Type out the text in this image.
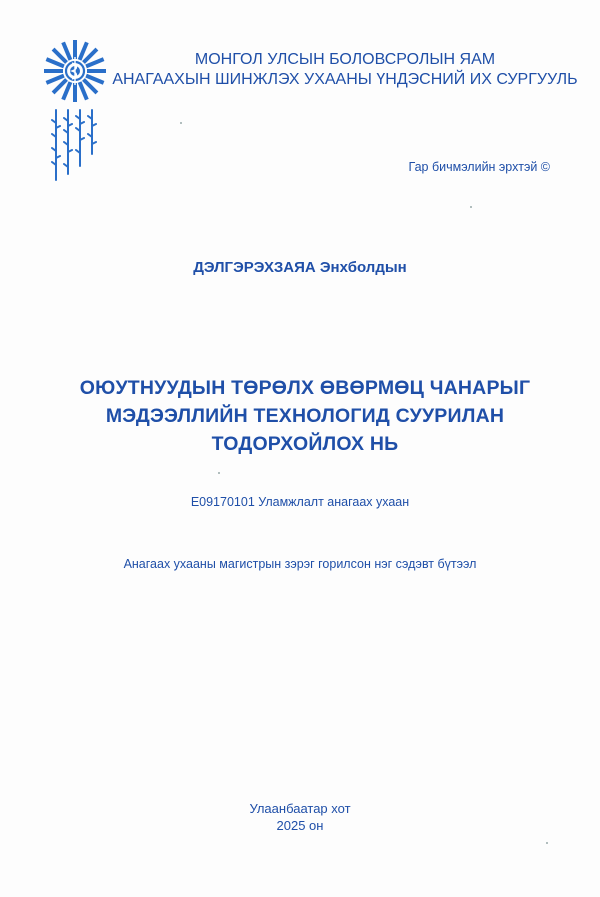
МОНГОЛ УЛСЫН БОЛОВСРОЛЫН ЯАМ
АНАГААХЫН ШИНЖЛЭХ УХААНЫ ҮНДЭСНИЙ ИХ СУРГУУЛЬ
Гар бичмэлийн эрхтэй ©
ДЭЛГЭРЭХЗАЯА Энхболдын
ОЮУТНУУДЫН ТӨРӨЛХ ӨВӨРМӨЦ ЧАНАРЫГ
МЭДЭЭЛЛИЙН ТЕХНОЛОГИД СУУРИЛАН
ТОДОРХОЙЛОХ НЬ
E09170101 Уламжлалт анагаах ухаан
Анагаах ухааны магистрын зэрэг горилсон нэг сэдэвт бүтээл
Улаанбаатар хот
2025 он
